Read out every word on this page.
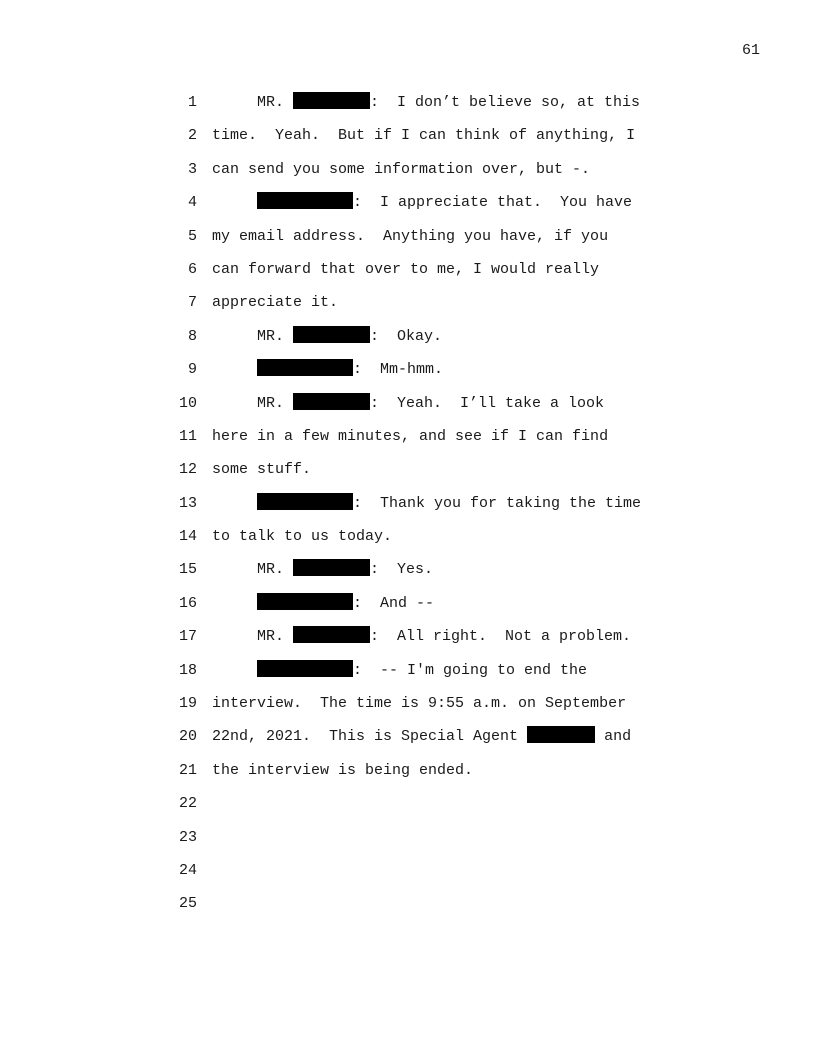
61
1 MR.	:  I don’t believe so, at this
2 time.  Yeah.  But if I can think of anything, I
3 can send you some information over, but -.
4	:  I appreciate that.  You have
5 my email address.  Anything you have, if you
6 can forward that over to me, I would really
7 appreciate it.
8 MR.	:  Okay.
9	:  Mm-hmm.
10 MR.	:  Yeah.  I’ll take a look
11 here in a few minutes, and see if I can find
12 some stuff.
13	:  Thank you for taking the time
14 to talk to us today.
15 MR.	:  Yes.
16	:  And --
17 MR.	:  All right.  Not a problem.
18	:  -- I'm going to end the
19 interview.  The time is 9:55 a.m. on September
20 22nd, 2021.  This is Special Agent	and
21 the interview is being ended.
22
23
24
25
